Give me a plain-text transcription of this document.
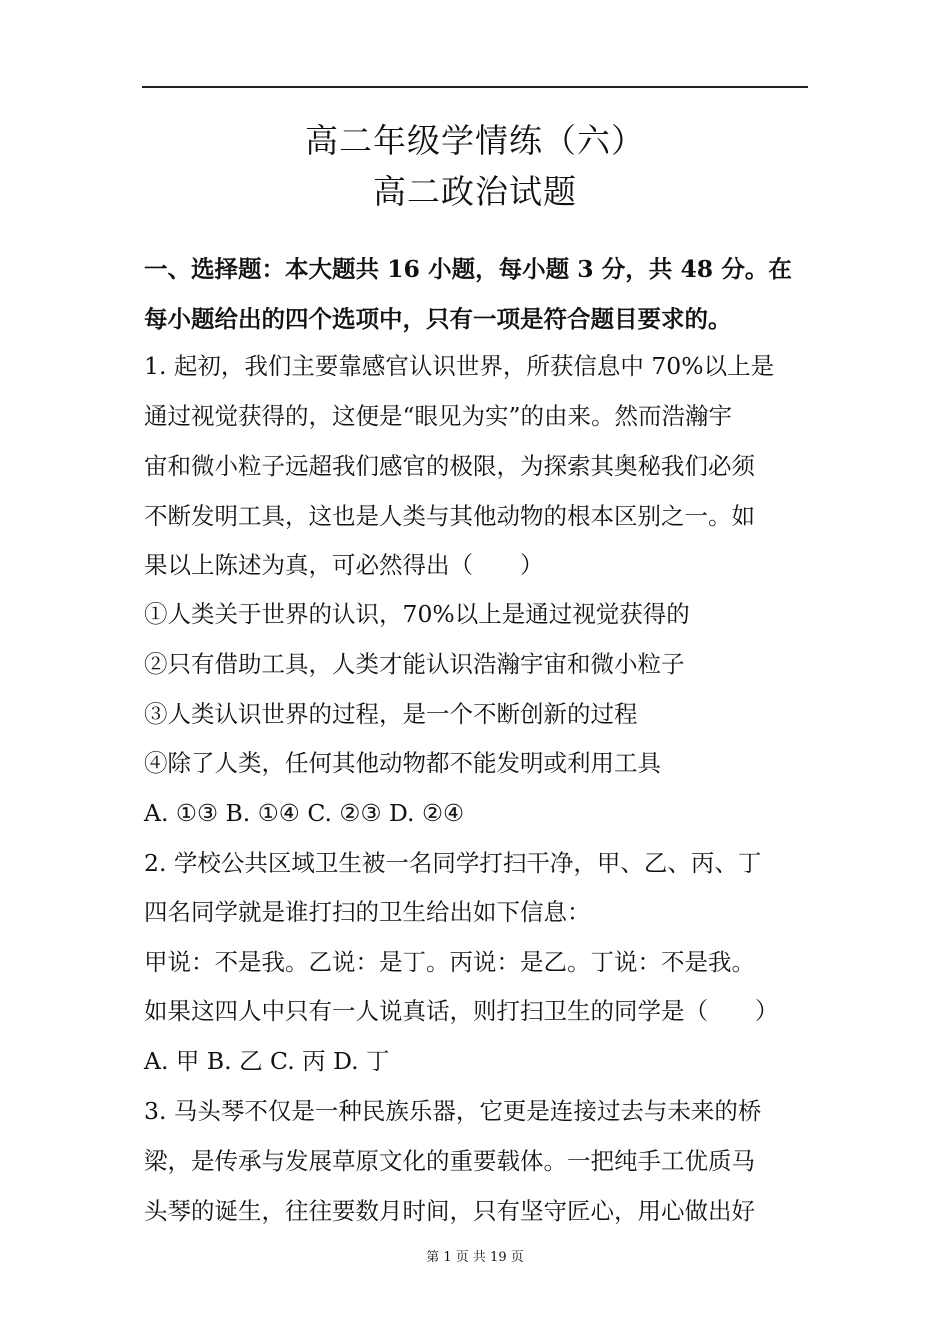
高二年级学情练（六）
高二政治试题
一、选择题：本大题共 16 小题，每小题 3 分，共 48 分。在
每小题给出的四个选项中，只有一项是符合题目要求的。
1. 起初，我们主要靠感官认识世界，所获信息中 70%以上是
通过视觉获得的，这便是“眼见为实”的由来。然而浩瀚宇
宙和微小粒子远超我们感官的极限，为探索其奥秘我们必须
不断发明工具，这也是人类与其他动物的根本区别之一。如
果以上陈述为真，可必然得出（　　）
①人类关于世界的认识，70%以上是通过视觉获得的
②只有借助工具，人类才能认识浩瀚宇宙和微小粒子
③人类认识世界的过程，是一个不断创新的过程
④除了人类，任何其他动物都不能发明或利用工具
A. ①③ B. ①④ C. ②③ D. ②④
2. 学校公共区域卫生被一名同学打扫干净，甲、乙、丙、丁
四名同学就是谁打扫的卫生给出如下信息：
甲说：不是我。乙说：是丁。丙说：是乙。丁说：不是我。
如果这四人中只有一人说真话，则打扫卫生的同学是（　　）
A. 甲 B. 乙 C. 丙 D. 丁
3. 马头琴不仅是一种民族乐器，它更是连接过去与未来的桥
梁，是传承与发展草原文化的重要载体。一把纯手工优质马
头琴的诞生，往往要数月时间，只有坚守匠心，用心做出好
第 1 页 共 19 页
